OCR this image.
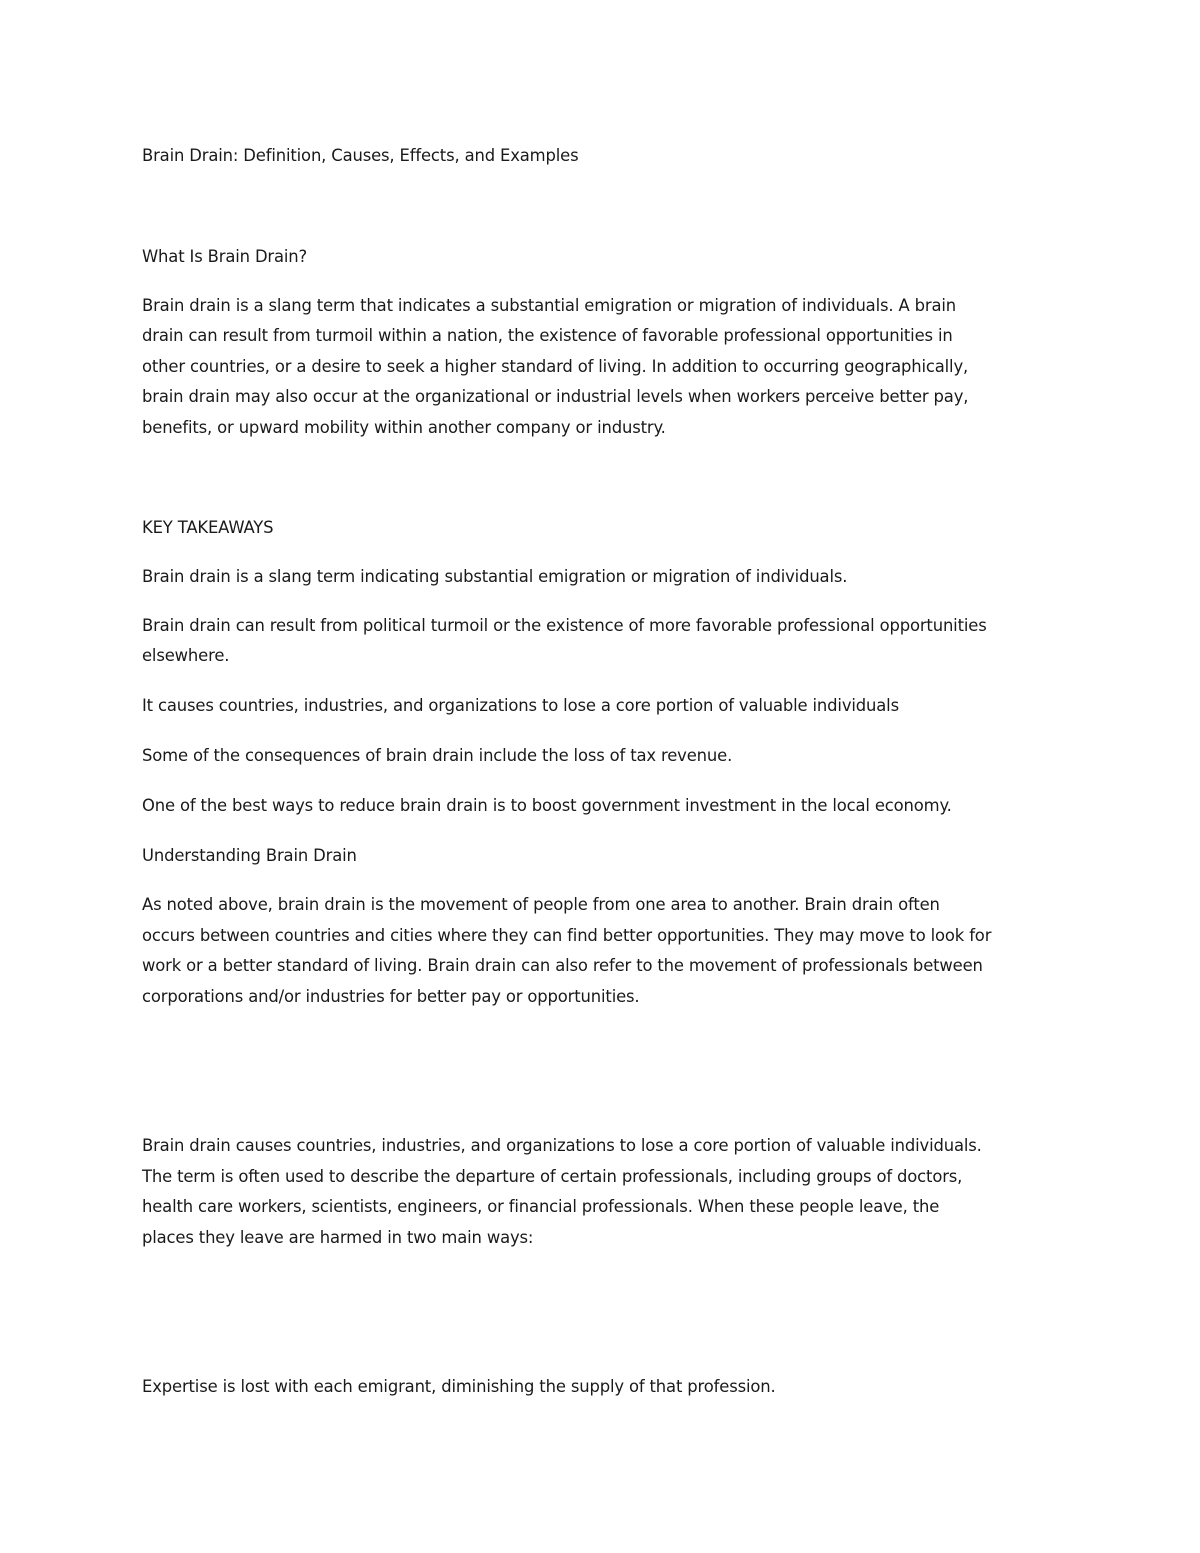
Brain Drain: Definition, Causes, Effects, and Examples

What Is Brain Drain?

Brain drain is a slang term that indicates a substantial emigration or migration of individuals. A brain

drain can result from turmoil within a nation, the existence of favorable professional opportunities in

other countries, or a desire to seek a higher standard of living. In addition to occurring geographically,

brain drain may also occur at the organizational or industrial levels when workers perceive better pay,

benefits, or upward mobility within another company or industry.

KEY TAKEAWAYS

Brain drain is a slang term indicating substantial emigration or migration of individuals.

Brain drain can result from political turmoil or the existence of more favorable professional opportunities

elsewhere.

It causes countries, industries, and organizations to lose a core portion of valuable individuals

Some of the consequences of brain drain include the loss of tax revenue.

One of the best ways to reduce brain drain is to boost government investment in the local economy.

Understanding Brain Drain

As noted above, brain drain is the movement of people from one area to another. Brain drain often

occurs between countries and cities where they can find better opportunities. They may move to look for

work or a better standard of living. Brain drain can also refer to the movement of professionals between

corporations and/or industries for better pay or opportunities.

Brain drain causes countries, industries, and organizations to lose a core portion of valuable individuals.

The term is often used to describe the departure of certain professionals, including groups of doctors,

health care workers, scientists, engineers, or financial professionals. When these people leave, the

places they leave are harmed in two main ways:

Expertise is lost with each emigrant, diminishing the supply of that profession.
